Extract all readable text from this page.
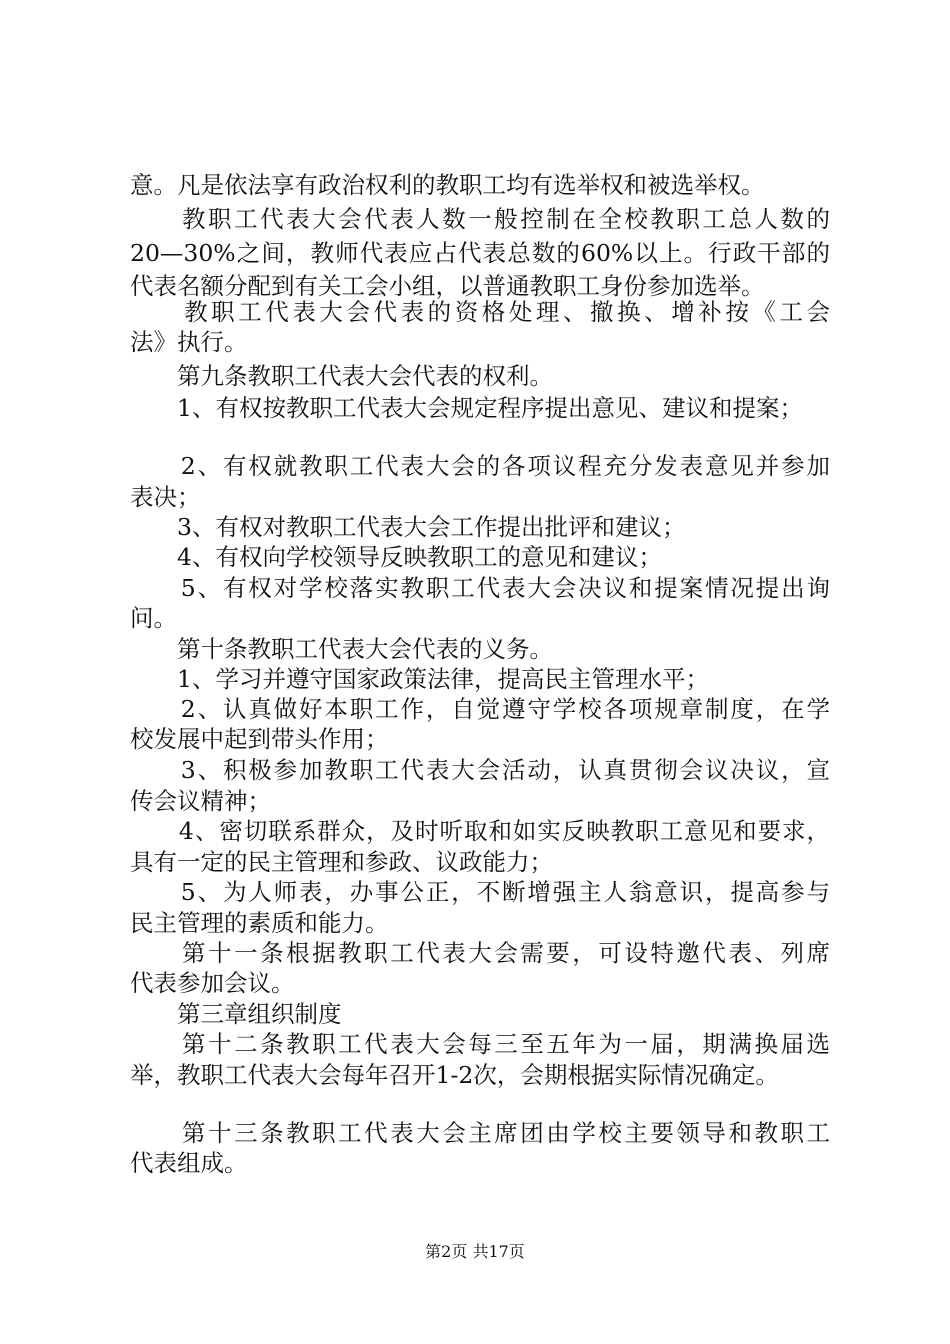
意。凡是依法享有政治权利的教职工均有选举权和被选举权。
　　教职工代表大会代表人数一般控制在全校教职工总人数的
20—30%之间，教师代表应占代表总数的60%以上。行政干部的
代表名额分配到有关工会小组，以普通教职工身份参加选举。
　　教职工代表大会代表的资格处理、撤换、增补按《工会
法》执行。
　　第九条教职工代表大会代表的权利。
　　1、有权按教职工代表大会规定程序提出意见、建议和提案；
　　2、有权就教职工代表大会的各项议程充分发表意见并参加
表决；
　　3、有权对教职工代表大会工作提出批评和建议；
　　4、有权向学校领导反映教职工的意见和建议；
　　5、有权对学校落实教职工代表大会决议和提案情况提出询
问。
　　第十条教职工代表大会代表的义务。
　　1、学习并遵守国家政策法律，提高民主管理水平；
　　2、认真做好本职工作，自觉遵守学校各项规章制度，在学
校发展中起到带头作用；
　　3、积极参加教职工代表大会活动，认真贯彻会议决议，宣
传会议精神；
　　4、密切联系群众，及时听取和如实反映教职工意见和要求，
具有一定的民主管理和参政、议政能力；
　　5、为人师表，办事公正，不断增强主人翁意识，提高参与
民主管理的素质和能力。
　　第十一条根据教职工代表大会需要，可设特邀代表、列席
代表参加会议。
　　第三章组织制度
　　第十二条教职工代表大会每三至五年为一届，期满换届选
举，教职工代表大会每年召开1-2次，会期根据实际情况确定。
　　第十三条教职工代表大会主席团由学校主要领导和教职工
代表组成。
第2页 共17页
